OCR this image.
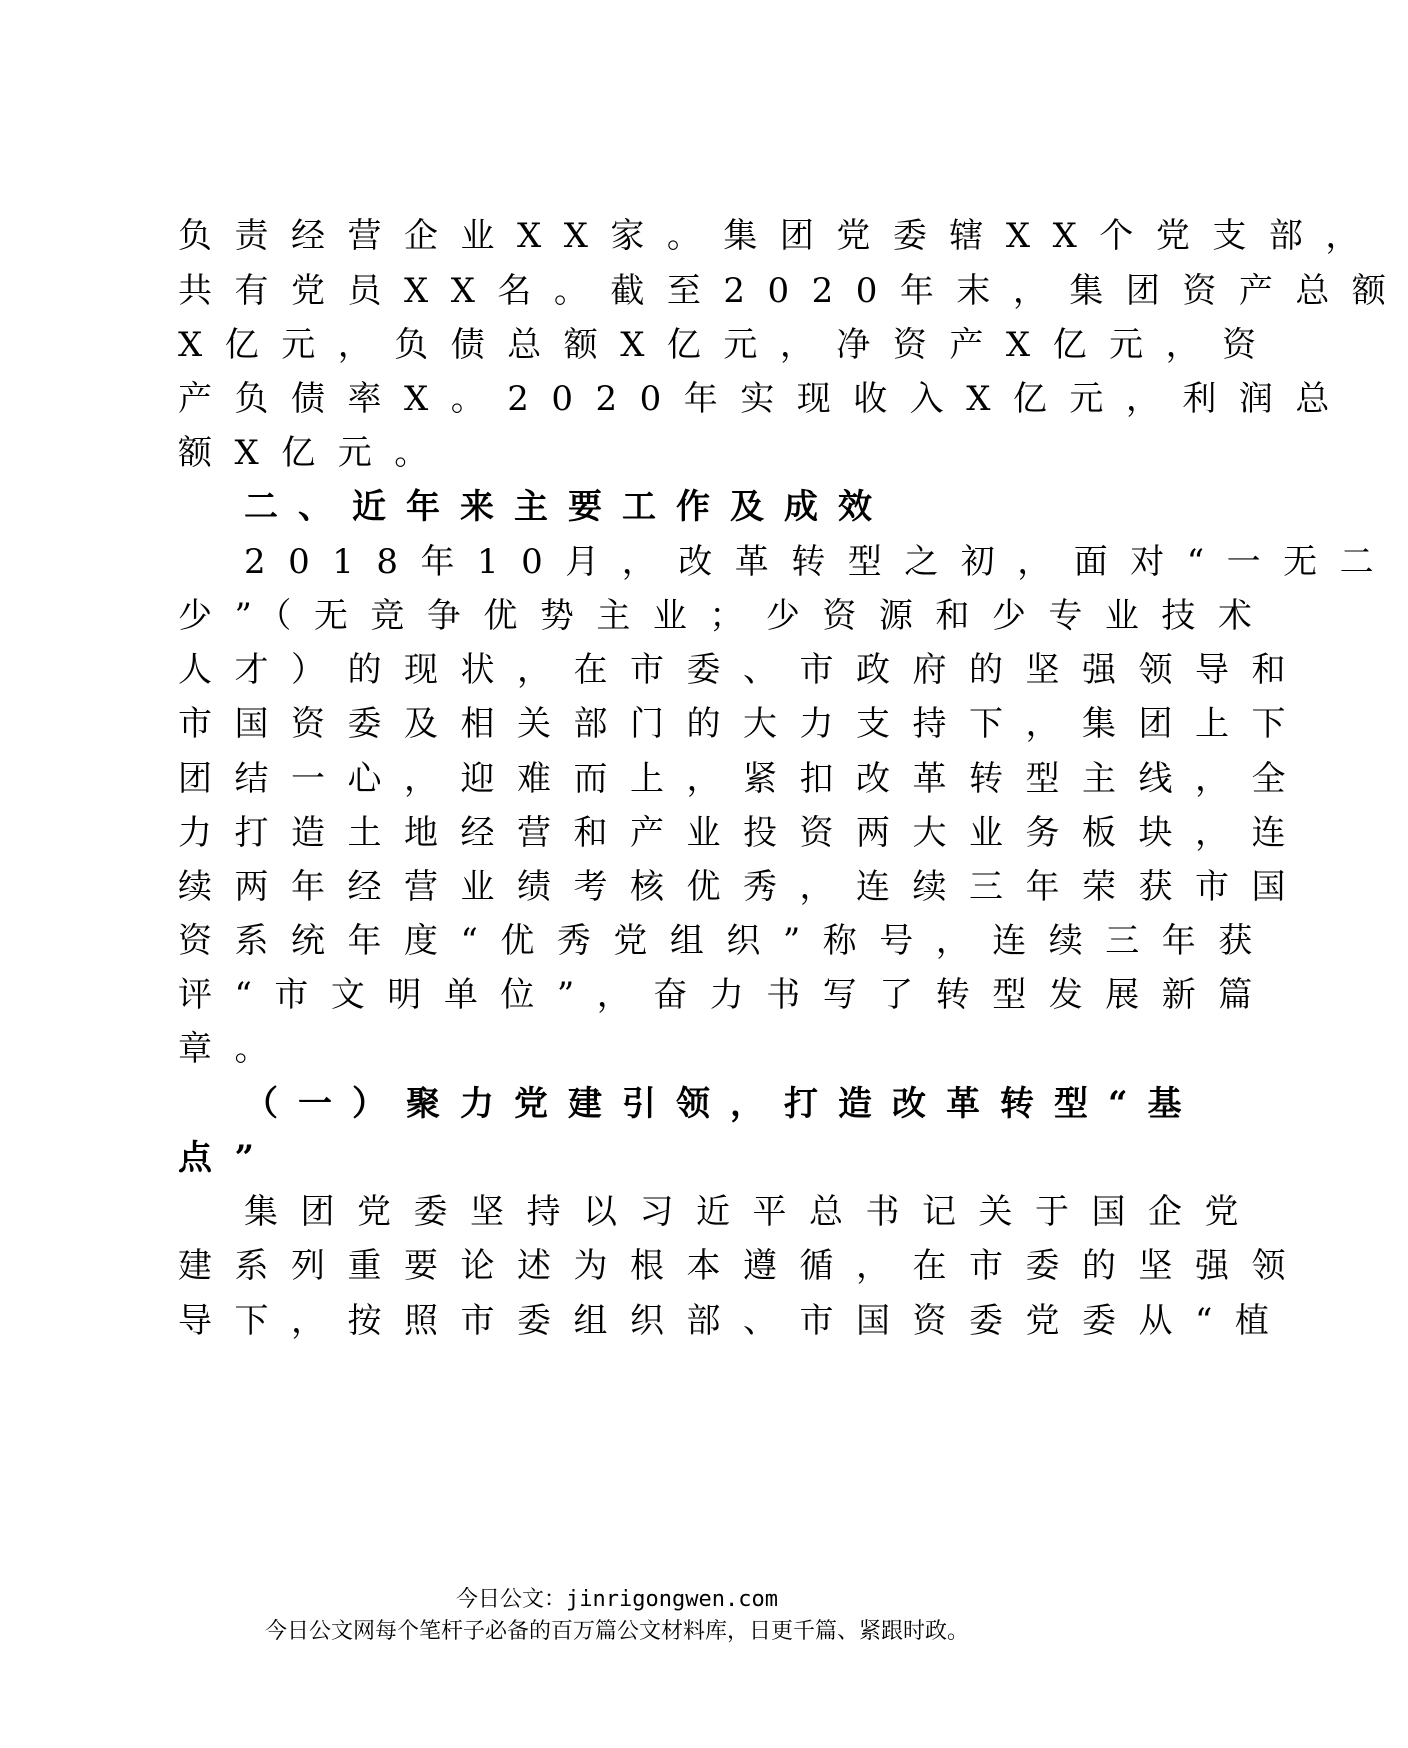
负责经营企业XX家。集团党委辖XX个党支部，
共有党员XX名。截至2020年末，集团资产总额
X亿元，负债总额X亿元，净资产X亿元，资
产负债率X。2020年实现收入X亿元，利润总
额X亿元。
二、近年来主要工作及成效
2018年10月，改革转型之初，面对“一无二
少”（无竞争优势主业；少资源和少专业技术
人才）的现状，在市委、市政府的坚强领导和
市国资委及相关部门的大力支持下，集团上下
团结一心，迎难而上，紧扣改革转型主线，全
力打造土地经营和产业投资两大业务板块，连
续两年经营业绩考核优秀，连续三年荣获市国
资系统年度“优秀党组织”称号，连续三年获
评“市文明单位”，奋力书写了转型发展新篇
章。
（一）聚力党建引领，打造改革转型“基
点”
集团党委坚持以习近平总书记关于国企党
建系列重要论述为根本遵循，在市委的坚强领
导下，按照市委组织部、市国资委党委从“植
今日公文：jinrigongwen.com
今日公文网每个笔杆子必备的百万篇公文材料库，日更千篇、紧跟时政。
